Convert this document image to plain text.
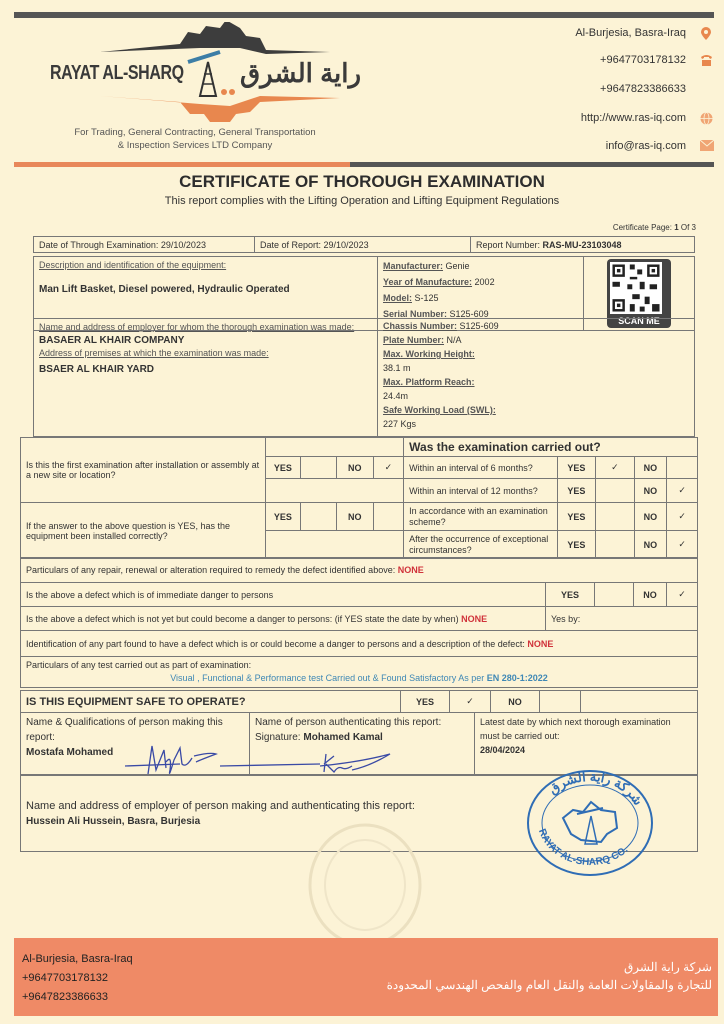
RAYAT AL-SHARQ راية الشرق
For Trading, General Contracting, General Transportation
& Inspection Services LTD Company
Al-Burjesia, Basra-Iraq
+9647703178132
+9647823386633
http://www.ras-iq.com
info@ras-iq.com
CERTIFICATE OF THOROUGH EXAMINATION
This report complies with the Lifting Operation and Lifting Equipment Regulations
Certificate Page: 1 Of 3
Date of Through Examination: 29/10/2023	Date of Report: 29/10/2023	Report Number: RAS-MU-23103048
Description and identification of the equipment:
Man Lift Basket, Diesel powered, Hydraulic Operated

Manufacturer: Genie
Year of Manufacture: 2002
Model: S-125
Serial Number: S125-609

SCAN ME
Name and address of employer for whom the thorough examination was made:
BASAER AL KHAIR COMPANY
Address of premises at which the examination was made:
BSAER AL KHAIR YARD

Chassis Number: S125-609
Plate Number: N/A
Max. Working Height:
38.1 m
Max. Platform Reach:
24.4m
Safe Working Load (SWL):
227 Kgs
Is this the first examination after installation or assembly at a new site or location?					Was the examination carried out?				
	YES		NO	✓	Within an interval of 6 months?	YES	✓	NO	
					Within an interval of 12 months?	YES		NO	✓
If the answer to the above question is YES, has the equipment been installed correctly?	YES		NO		In accordance with an examination scheme?	YES		NO	✓
					After the occurrence of exceptional circumstances?	YES		NO	✓
Particulars of any repair, renewal or alteration required to remedy the defect identified above: NONE				
Is the above a defect which is of immediate danger to persons	YES		NO	✓
Is the above a defect which is not yet but could become a danger to persons: (if YES state the date by when) NONE	Yes by:			
Identification of any part found to have a defect which is or could become a danger to persons and a description of the defect: NONE				

Particulars of any test carried out as part of examination:
Visual , Functional & Performance test Carried out & Found Satisfactory As per EN 280-1:2022				
IS THIS EQUIPMENT SAFE TO OPERATE?	YES	✓	NO		
Name & Qualifications of person making this report:
Mostafa Mohamed

Name of person authenticating this report:
Signature: Mohamed Kamal

Latest date by which next thorough examination must be carried out:
28/04/2024
Name and address of employer of person making and authenticating this report:
Hussein Ali Hussein, Basra, Burjesia
شركة راية الشرق
RAYAT AL-SHARQ CO.
Al-Burjesia, Basra-Iraq
+9647703178132
+9647823386633
شركة راية الشرق
للتجارة والمقاولات العامة والنقل العام والفحص الهندسي المحدودة
